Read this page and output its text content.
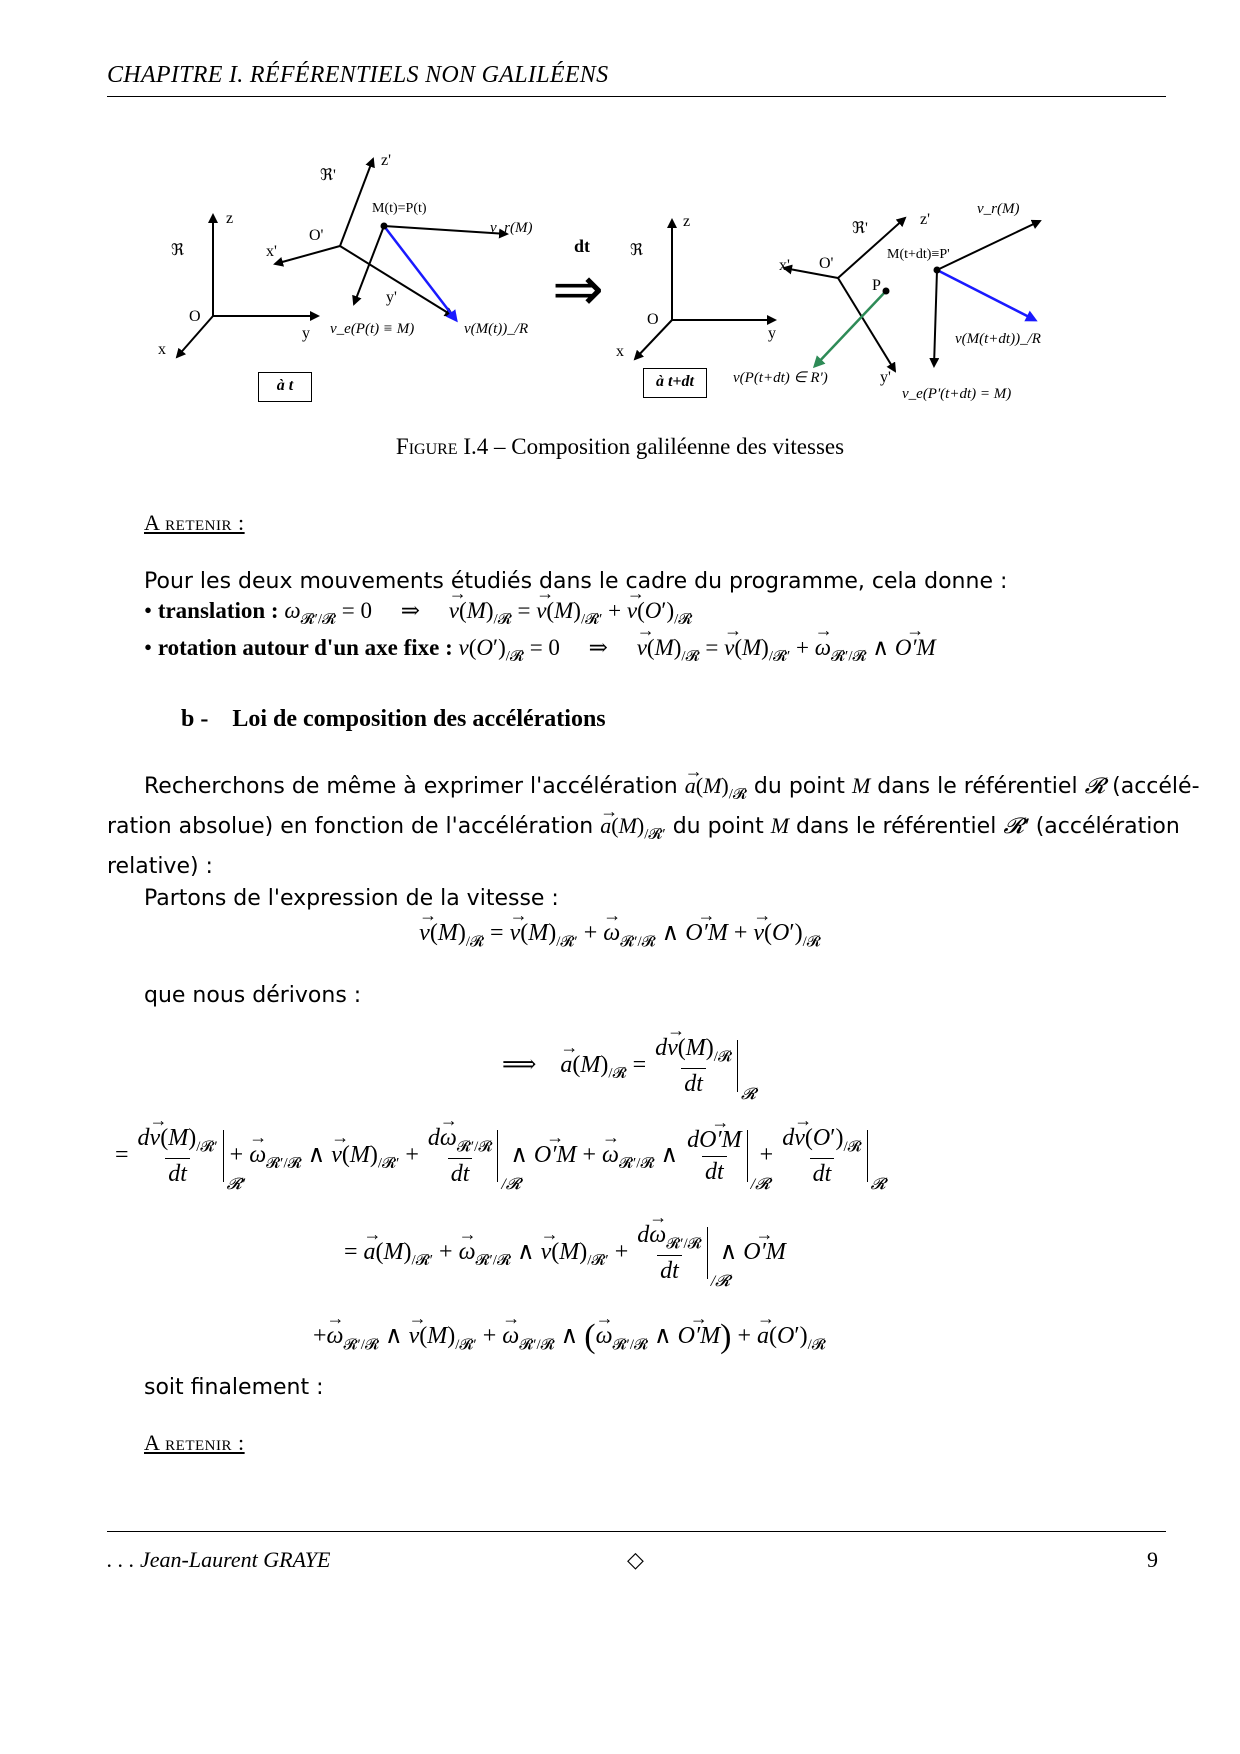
CHAPITRE I. RÉFÉRENTIELS NON GALILÉENS
z
ℜ
O
y
x
ℜ'
z'
O'
x'
y'
M(t)=P(t)
v_r(M)
v_e(P(t) ≡ M)	v(M(t))_/R
dt
⇒
z
ℜ
O
y
x
ℜ'
z'
x' O'
P
M(t+dt)≡P'
v_r(M)
v(M(t+dt))_/R
v(P(t+dt) ∈ R')	y'
v_e(P'(t+dt) = M)
à t	à t+dt
Figure I.4 – Composition galiléenne des vitesses
A retenir :
Pour les deux mouvements étudiés dans le cadre du programme, cela donne :
• translation : $\omega_{𝓡'/𝓡} = 0$     ⇒     → $v(M)_{/𝓡}$ = → $v(M)_{/𝓡'}$ + → $v(O')_{/𝓡}$
• rotation autour d'un axe fixe : $v(O')_{/𝓡} = 0$     ⇒     → $v(M)_{/𝓡}$ = → $v(M)_{/𝓡'}$ + → $\omega_{𝓡'/𝓡}$ ∧ → O′M
b - Loi de composition des accélérations
Recherchons de même à exprimer l'accélération → $a(M)_{/𝓡}$ du point M dans le référentiel 𝓡 (accélé-
ration absolue) en fonction de l'accélération → $a(M)_{/𝓡'}$ du point M dans le référentiel 𝓡′ (accélération
relative) :
Partons de l'expression de la vitesse :
→ $v(M)_{/𝓡}$ = → $v(M)_{/𝓡'}$ + → $\omega_{𝓡'/𝓡}$ ∧ → O′M + → $v(O')_{/𝓡}$
que nous dérivons :
⟹    → $a(M)_{/𝓡} = \frac{d\to v(M)_{/𝓡}}{dt}$ 𝓡
= $\frac{d\to v(M)_{/𝓡'}}{dt}$ 𝓡′
+ → $\omega_{𝓡'/𝓡}$ ∧ → $v(M)_{/𝓡'} + \frac{d\to \omega_{𝓡'/𝓡}}{dt}$ /𝓡
∧ → O′M + → $\omega_{𝓡'/𝓡}$ ∧ $\frac{d\to O'M}{dt}$ /𝓡
+ $\frac{d\to v(O')_{/𝓡}}{dt}$ 𝓡
= → $a(M)_{/𝓡'}$ + → $\omega_{𝓡'/𝓡}$ ∧ → $v(M)_{/𝓡'} + \frac{d\to \omega_{𝓡'/𝓡}}{dt}$ /𝓡
∧ → O′M
+→ $\omega_{𝓡'/𝓡}$ ∧ → $v(M)_{/𝓡'}$ + → $\omega_{𝓡'/𝓡}$ ∧ (→ $\omega_{𝓡'/𝓡}$ ∧ → O′M) + → $a(O')_{/𝓡}$
soit finalement :
A retenir :
. . . Jean-Laurent GRAYE	◇	9
